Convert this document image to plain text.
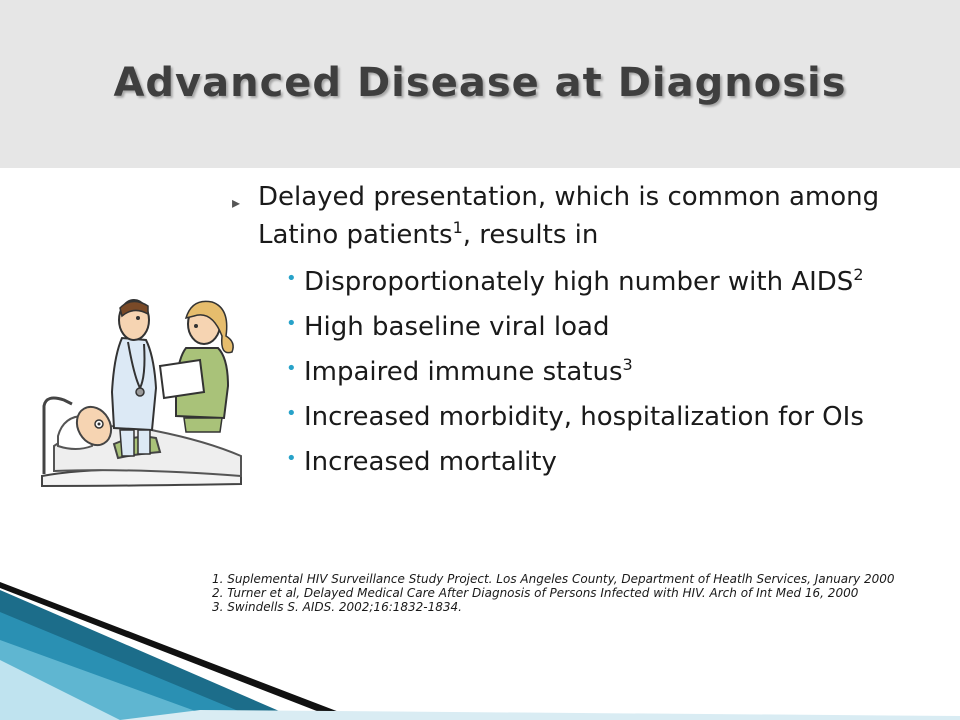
Advanced Disease at Diagnosis
▸ Delayed presentation, which is common among Latino patients$^1$, results in
• Disproportionately high number with AIDS$^2$
• High baseline viral load
• Impaired immune status$^3$
• Increased morbidity, hospitalization for OIs
• Increased mortality
1. Suplemental HIV Surveillance Study Project. Los Angeles County, Department of Heatlh Services, January 2000
2. Turner et al, Delayed Medical Care After Diagnosis of Persons Infected with HIV. Arch of Int Med 16, 2000
3. Swindells S. AIDS. 2002;16:1832-1834.
